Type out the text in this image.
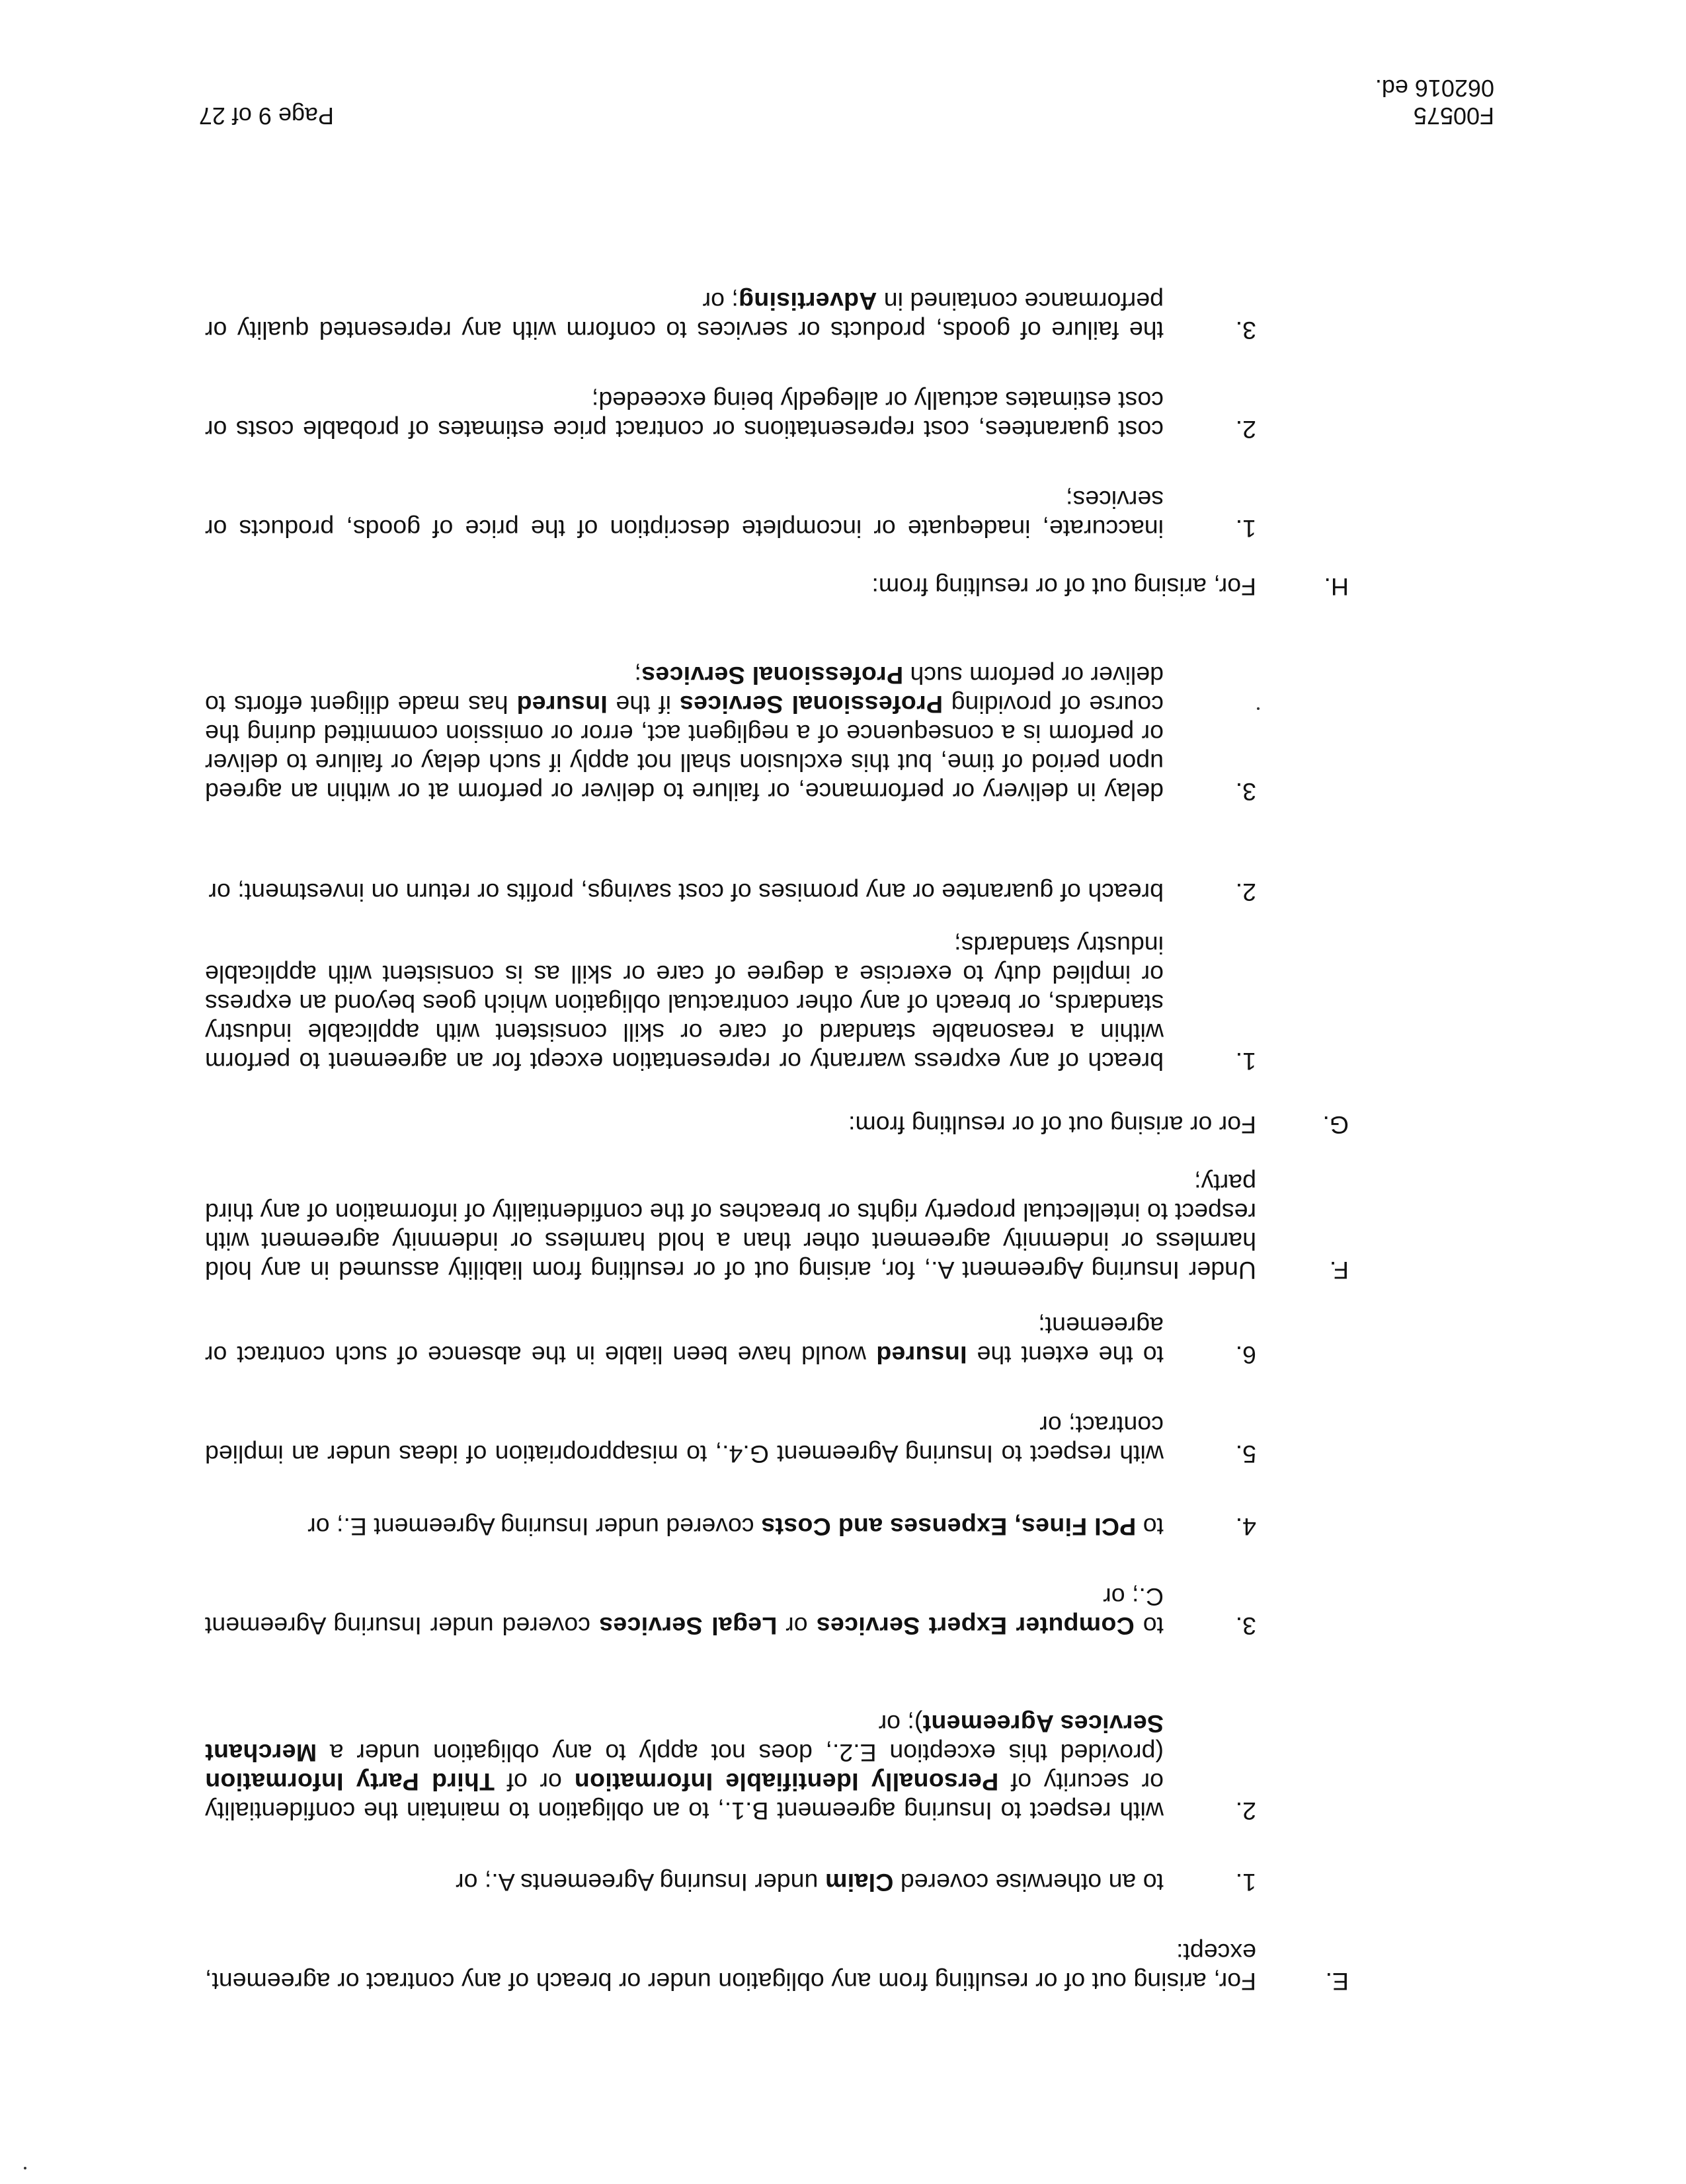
E.

For, arising out of or resulting from any obligation under or breach of any contract or agreement, except:

1.

to an otherwise covered Claim under Insuring Agreements A.; or

2.

with respect to Insuring agreement B.1., to an obligation to maintain the confidentiality or security of Personally Identifiable Information or of Third Party Information (provided this exception E.2., does not apply to any obligation under a Merchant Services Agreement); or

3.

to Computer Expert Services or Legal Services covered under Insuring Agreement C.; or

4.

to PCI Fines, Expenses and Costs covered under Insuring Agreement E.; or

5.

with respect to Insuring Agreement G.4., to misappropriation of ideas under an implied contract; or

6.

to the extent the Insured would have been liable in the absence of such contract or agreement;

F.

Under Insuring Agreement A., for, arising out of or resulting from liability assumed in any hold harmless or indemnity agreement other than a hold harmless or indemnity agreement with respect to intellectual property rights or breaches of the confidentiality of information of any third party;

G.

For or arising out of or resulting from:

1.

breach of any express warranty or representation except for an agreement to perform within a reasonable standard of care or skill consistent with applicable industry standards, or breach of any other contractual obligation which goes beyond an express or implied duty to exercise a degree of care or skill as is consistent with applicable industry standards;

2.

breach of guarantee or any promises of cost savings, profits or return on investment; or

3.

delay in delivery or performance, or failure to deliver or perform at or within an agreed upon period of time, but this exclusion shall not apply if such delay or failure to deliver or perform is a consequence of a negligent act, error or omission committed during the course of providing Professional Services if the Insured has made diligent efforts to deliver or perform such Professional Services;

H.

For, arising out of or resulting from:

1.

inaccurate, inadequate or incomplete description of the price of goods, products or services;

2.

cost guarantees, cost representations or contract price estimates of probable costs or cost estimates actually or allegedly being exceeded;

3.

the failure of goods, products or services to conform with any represented quality or performance contained in Advertising; or

F00575
062016 ed.

Page 9 of 27
